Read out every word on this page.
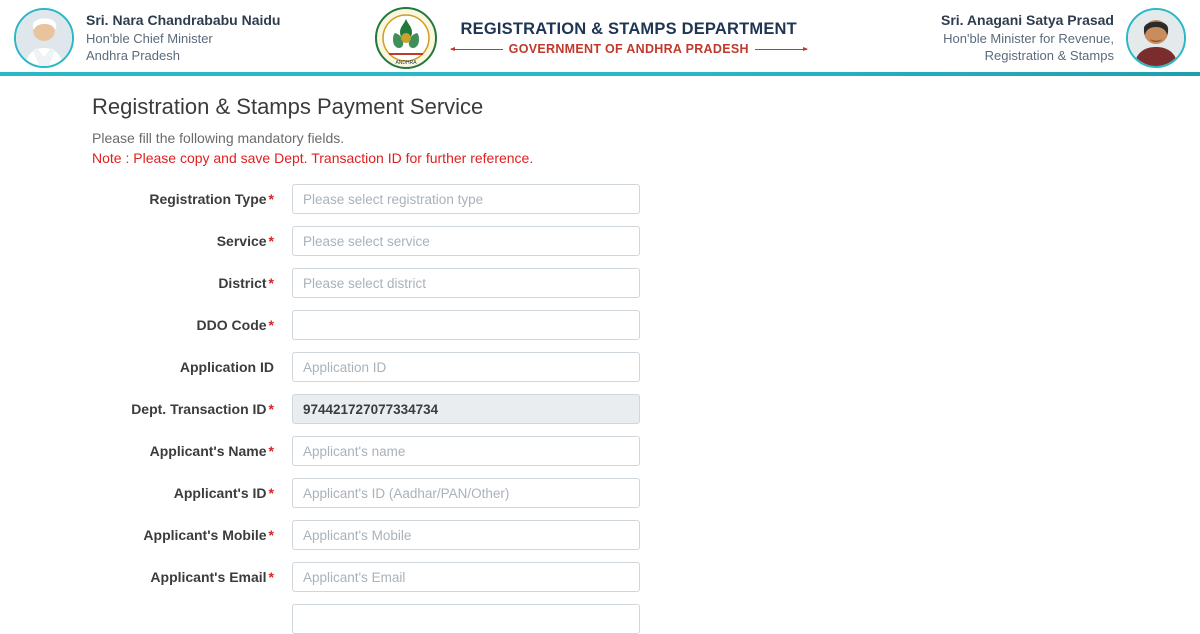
Sri. Nara Chandrababu Naidu
Hon'ble Chief Minister
Andhra Pradesh	ANDHRA
REGISTRATION & STAMPS DEPARTMENT
GOVERNMENT OF ANDHRA PRADESH
Sri. Anagani Satya Prasad
Hon'ble Minister for Revenue,
Registration & Stamps
Registration & Stamps Payment Service
Please fill the following mandatory fields.
Note : Please copy and save Dept. Transaction ID for further reference.
Registration Type *	Please select registration type
Service *	Please select service
District *	Please select district
DDO Code *
Application ID	Application ID
Dept. Transaction ID *	974421727077334734
Applicant's Name *	Applicant's name
Applicant's ID *	Applicant's ID (Aadhar/PAN/Other)
Applicant's Mobile *	Applicant's Mobile
Applicant's Email *	Applicant's Email
